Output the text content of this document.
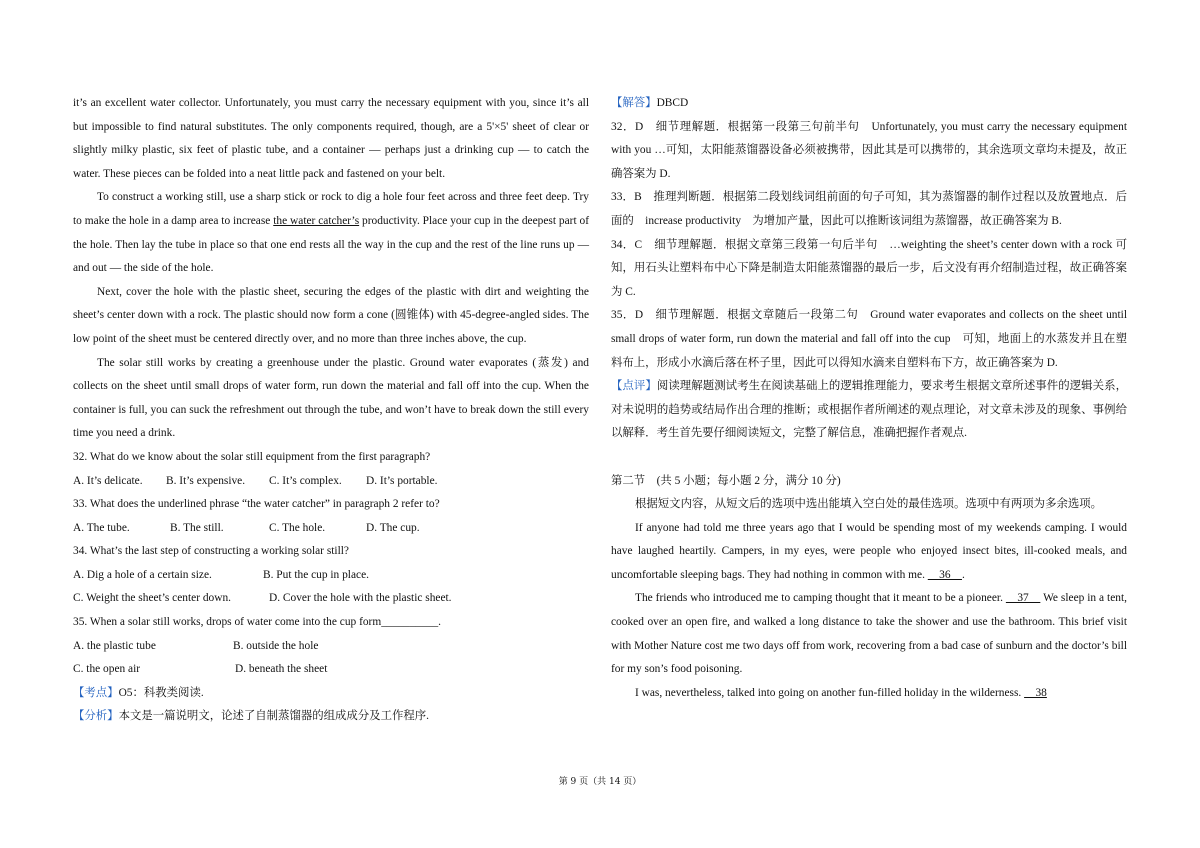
it’s an excellent water collector. Unfortunately, you must carry the necessary equipment with you, since it’s all but impossible to find natural substitutes. The only components required, though, are a 5'×5' sheet of clear or slightly milky plastic, six feet of plastic tube, and a container — perhaps just a drinking cup — to catch the water. These pieces can be folded into a neat little pack and fastened on your belt.

To construct a working still, use a sharp stick or rock to dig a hole four feet across and three feet deep. Try to make the hole in a damp area to increase the water catcher’s productivity. Place your cup in the deepest part of the hole. Then lay the tube in place so that one end rests all the way in the cup and the rest of the line runs up — and out — the side of the hole.

Next, cover the hole with the plastic sheet, securing the edges of the plastic with dirt and weighting the sheet’s center down with a rock. The plastic should now form a cone (圆锥体) with 45-degree-angled sides. The low point of the sheet must be centered directly over, and no more than three inches above, the cup.

The solar still works by creating a greenhouse under the plastic. Ground water evaporates (蒸发) and collects on the sheet until small drops of water form, run down the material and fall off into the cup. When the container is full, you can suck the refreshment out through the tube, and won’t have to break down the still every time you need a drink.

32. What do we know about the solar still equipment from the first paragraph?

A. It’s delicate.	B. It’s expensive.	C. It’s complex.	D. It’s portable.

33. What does the underlined phrase “the water catcher” in paragraph 2 refer to?

A. The tube.	B. The still.	C. The hole.	D. The cup.

34. What’s the last step of constructing a working solar still?

A. Dig a hole of a certain size.	B. Put the cup in place.
C. Weight the sheet’s center down.	D. Cover the hole with the plastic sheet.

35. When a solar still works, drops of water come into the cup form__________.

A. the plastic tube	B. outside the hole
C. the open air	D. beneath the sheet

【考点】O5：科教类阅读.

【分析】本文是一篇说明文，论述了自制蒸馏器的组成成分及工作程序.

【解答】DBCD

32．D　细节理解题．根据第一段第三句前半句　Unfortunately, you must carry the necessary equipment with you …可知，太阳能蒸馏器设备必须被携带，因此其是可以携带的，其余选项文章均未提及，故正确答案为 D.

33．B　推理判断题．根据第二段划线词组前面的句子可知，其为蒸馏器的制作过程以及放置地点．后面的　increase productivity　为增加产量，因此可以推断该词组为蒸馏器，故正确答案为 B.

34．C　细节理解题．根据文章第三段第一句后半句　…weighting the sheet’s center down with a rock 可知，用石头让塑料布中心下降是制造太阳能蒸馏器的最后一步，后文没有再介绍制造过程，故正确答案为 C.

35．D　细节理解题．根据文章随后一段第二句　Ground water evaporates and collects on the sheet until small drops of water form, run down the material and fall off into the cup　可知，地面上的水蒸发并且在塑料布上，形成小水滴后落在杯子里，因此可以得知水滴来自塑料布下方，故正确答案为 D.

【点评】阅读理解题测试考生在阅读基础上的逻辑推理能力，要求考生根据文章所述事件的逻辑关系，对未说明的趋势或结局作出合理的推断；或根据作者所阐述的观点理论，对文章未涉及的现象、事例给以解释．考生首先要仔细阅读短文，完整了解信息，准确把握作者观点.

第二节　(共 5 小题；每小题 2 分，满分 10 分)

根据短文内容，从短文后的选项中选出能填入空白处的最佳选项。选项中有两项为多余选项。

If anyone had told me three years ago that I would be spending most of my weekends camping. I would have laughed heartily. Campers, in my eyes, were people who enjoyed insect bites, ill-cooked meals, and uncomfortable sleeping bags. They had nothing in common with me. 　36　.

The friends who introduced me to camping thought that it meant to be a pioneer. 　37　 We sleep in a tent, cooked over an open fire, and walked a long distance to take the shower and use the bathroom. This brief visit with Mother Nature cost me two days off from work, recovering from a bad case of sunburn and the doctor’s bill for my son’s food poisoning.

I was, nevertheless, talked into going on another fun-filled holiday in the wilderness. 　38

第 9 页（共 14 页）
